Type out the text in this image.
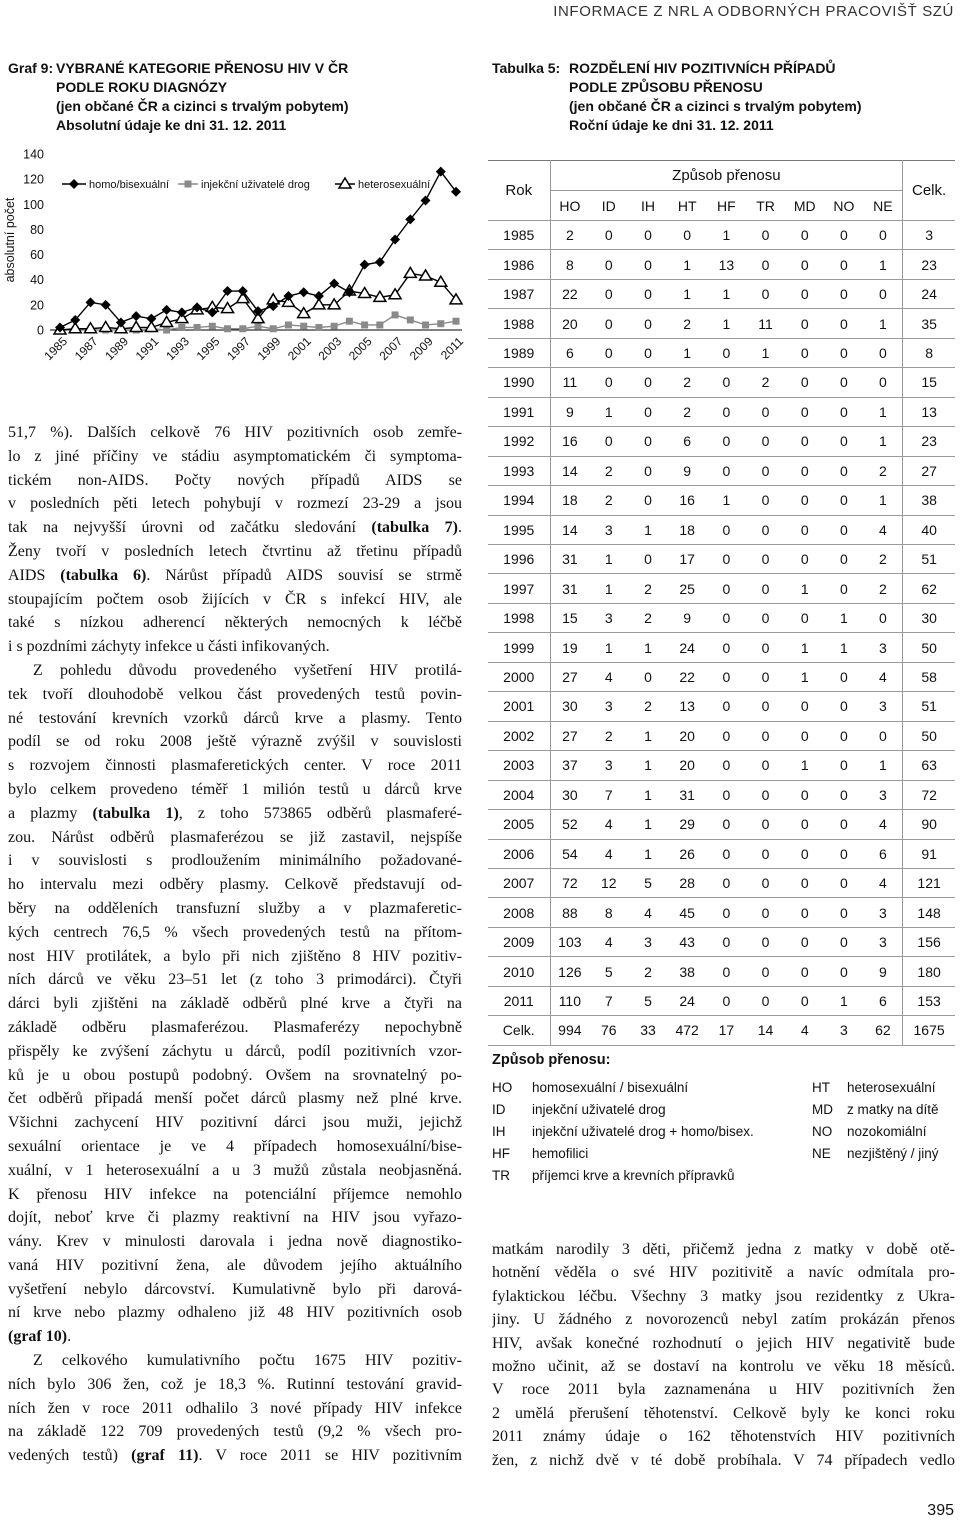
INFORMACE Z NRL A ODBORNÝCH PRACOVIŠŤ SZÚ
Graf 9: VYBRANÉ KATEGORIE PŘENOSU HIV V ČR
PODLE ROKU DIAGNÓZY
(jen občané ČR a cizinci s trvalým pobytem)
Absolutní údaje ke dni 31. 12. 2011
absolutní počet
0
20
40
60
80
100
120
140
1985 1987 1989 1991 1993 1995 1997 1999 2001 2003 2005 2007 2009 2011
homo/bisexuální	injekční uživatelé drog	heterosexuální
51,7 %). Dalších celkově 76 HIV pozitivních osob zemře-
lo z jiné příčiny ve stádiu asymptomatickém či symptoma-
tickém non-AIDS. Počty nových případů AIDS se
v posledních pěti letech pohybují v rozmezí 23-29 a jsou
tak na nejvyšší úrovni od začátku sledování (tabulka 7).
Ženy tvoří v posledních letech čtvrtinu až třetinu případů
AIDS (tabulka 6). Nárůst případů AIDS souvisí se strmě
stoupajícím počtem osob žijících v ČR s infekcí HIV, ale
také s nízkou adherencí některých nemocných k léčbě
i s pozdními záchyty infekce u části infikovaných.
Z pohledu důvodu provedeného vyšetření HIV protilá-
tek tvoří dlouhodobě velkou část provedených testů povin-
né testování krevních vzorků dárců krve a plasmy. Tento
podíl se od roku 2008 ještě výrazně zvýšil v souvislosti
s rozvojem činnosti plasmaferetických center. V roce 2011
bylo celkem provedeno téměř 1 milión testů u dárců krve
a plazmy (tabulka 1), z toho 573865 odběrů plasmaferé-
zou. Nárůst odběrů plasmaferézou se již zastavil, nejspíše
i v souvislosti s prodloužením minimálního požadované-
ho intervalu mezi odběry plasmy. Celkově představují od-
běry na odděleních transfuzní služby a v plazmaferetic-
kých centrech 76,5 % všech provedených testů na přítom-
nost HIV protilátek, a bylo při nich zjištěno 8 HIV pozitiv-
ních dárců ve věku 23–51 let (z toho 3 primodárci). Čtyři
dárci byli zjištěni na základě odběrů plné krve a čtyři na
základě odběru plasmaferézou. Plasmaferézy nepochybně
přispěly ke zvýšení záchytu u dárců, podíl pozitivních vzor-
ků je u obou postupů podobný. Ovšem na srovnatelný po-
čet odběrů připadá menší počet dárců plasmy než plné krve.
Všichni zachycení HIV pozitivní dárci jsou muži, jejichž
sexuální orientace je ve 4 případech homosexuální/bise-
xuální, v 1 heterosexuální a u 3 mužů zůstala neobjasněná.
K přenosu HIV infekce na potenciální příjemce nemohlo
dojít, neboť krve či plazmy reaktivní na HIV jsou vyřazo-
vány. Krev v minulosti darovala i jedna nově diagnostiko-
vaná HIV pozitivní žena, ale důvodem jejího aktuálního
vyšetření nebylo dárcovství. Kumulativně bylo při darová-
ní krve nebo plazmy odhaleno již 48 HIV pozitivních osob
(graf 10).
Z celkového kumulativního počtu 1675 HIV pozitiv-
ních bylo 306 žen, což je 18,3 %. Rutinní testování gravid-
ních žen v roce 2011 odhalilo 3 nové případy HIV infekce
na základě 122 709 provedených testů (9,2 % všech pro-
vedených testů) (graf 11). V roce 2011 se HIV pozitivním
Tabulka 5: ROZDĚLENÍ HIV POZITIVNÍCH PŘÍPADŮ
PODLE ZPŮSOBU PŘENOSU
(jen občané ČR a cizinci s trvalým pobytem)
Roční údaje ke dni 31. 12. 2011
Rok	Způsob přenosu									Celk.
	HO	ID	IH	HT	HF	TR	MD	NO	NE	
1985	2	0	0	0	1	0	0	0	0	3
1986	8	0	0	1	13	0	0	0	1	23
1987	22	0	0	1	1	0	0	0	0	24
1988	20	0	0	2	1	11	0	0	1	35
1989	6	0	0	1	0	1	0	0	0	8
1990	11	0	0	2	0	2	0	0	0	15
1991	9	1	0	2	0	0	0	0	1	13
1992	16	0	0	6	0	0	0	0	1	23
1993	14	2	0	9	0	0	0	0	2	27
1994	18	2	0	16	1	0	0	0	1	38
1995	14	3	1	18	0	0	0	0	4	40
1996	31	1	0	17	0	0	0	0	2	51
1997	31	1	2	25	0	0	1	0	2	62
1998	15	3	2	9	0	0	0	1	0	30
1999	19	1	1	24	0	0	1	1	3	50
2000	27	4	0	22	0	0	1	0	4	58
2001	30	3	2	13	0	0	0	0	3	51
2002	27	2	1	20	0	0	0	0	0	50
2003	37	3	1	20	0	0	1	0	1	63
2004	30	7	1	31	0	0	0	0	3	72
2005	52	4	1	29	0	0	0	0	4	90
2006	54	4	1	26	0	0	0	0	6	91
2007	72	12	5	28	0	0	0	0	4	121
2008	88	8	4	45	0	0	0	0	3	148
2009	103	4	3	43	0	0	0	0	3	156
2010	126	5	2	38	0	0	0	0	9	180
2011	110	7	5	24	0	0	0	1	6	153
Celk.	994	76	33	472	17	14	4	3	62	1675
Způsob přenosu:
HO homosexuální / bisexuální
ID injekční uživatelé drog
IH injekční uživatelé drog + homo/bisex.
HF hemofilici
TR příjemci krve a krevních přípravků
HT heterosexuální
MD z matky na dítě
NO nozokomiální
NE nezjištěný / jiný
matkám narodily 3 děti, přičemž jedna z matky v době otě-
hotnění věděla o své HIV pozitivitě a navíc odmítala pro-
fylaktickou léčbu. Všechny 3 matky jsou rezidentky z Ukra-
jiny. U žádného z novorozenců nebyl zatím prokázán přenos
HIV, avšak konečné rozhodnutí o jejich HIV negativitě bude
možno učinit, až se dostaví na kontrolu ve věku 18 měsíců.
V roce 2011 byla zaznamenána u HIV pozitivních žen
2 umělá přerušení těhotenství. Celkově byly ke konci roku
2011 známy údaje o 162 těhotenstvích HIV pozitivních
žen, z nichž dvě v té době probíhala. V 74 případech vedlo
395
